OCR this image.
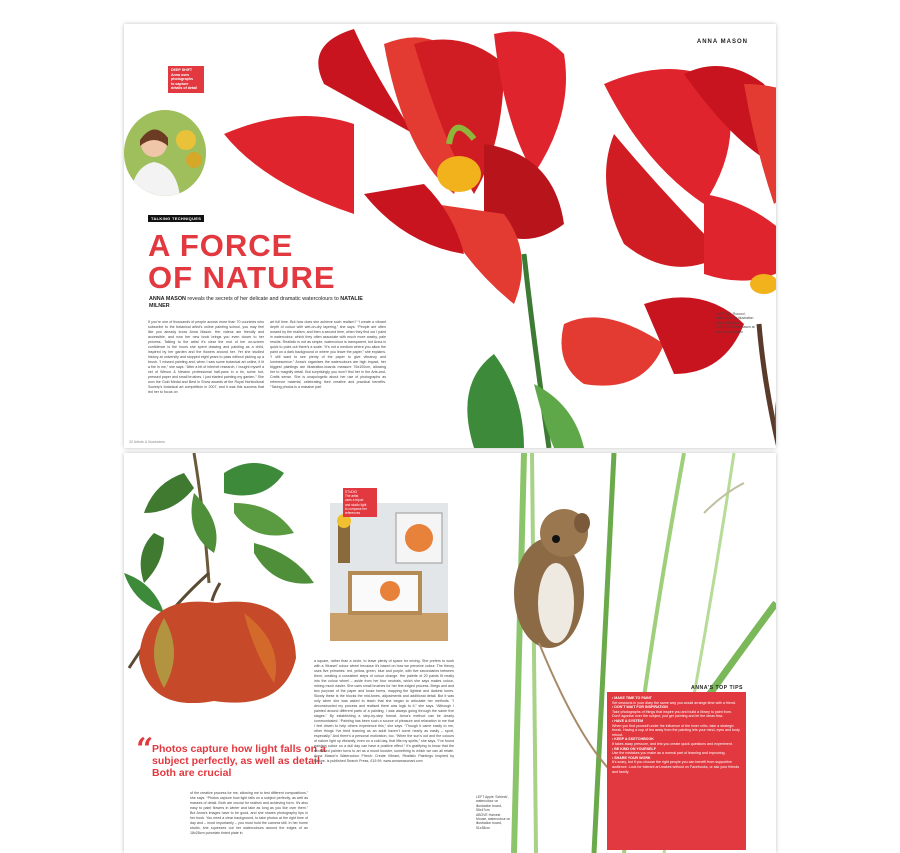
ANNA MASON
DEEP SHIFT
Anna uses
photographs
to capture
details of detail
TALKING TECHNIQUES
A FORCE
OF NATURE
ANNA MASON reveals the secrets of her delicate and dramatic watercolours to NATALIE MILNER
If you’re one of thousands of people across more than 70 countries who subscribe to the botanical artist’s online painting school, you may feel like you already know Anna Mason. Her videos are friendly and accessible, and now her new book brings you even closer to her process. Talking to the artist it’s clear the root of her on-screen confidence is the hours she spent drawing and painting as a child, inspired by her garden and the flowers around her. Yet she studied history at university and stopped eight years to pass without picking up a brush. “I missed painting and, when I saw some botanical art online, it lit a fire in me,” she says. “After a bit of internet research, I bought myself a set of Winsor & Newton professional half-pans in a tin, some hot-pressed paper and small brushes. I just started painting my garden.” She won the Gold Medal and Best in Show awards at the Royal Horticultural Society’s botanical art competition in 2007, and it was this success that led her to focus on
art full time. But how does she achieve such realism? “I create a vibrant depth of colour with wet-on-dry layering,” she says. “People are often wowed by the realism, and then a second time, when they find out I paint in watercolour, which they often associate with much more washy, pale results. Realistic is not as simple, watercolour is transparent, but Anna is quick to point out there’s a scale. “It’s not a medium where you allow the paint on a dark background or where you leave the paper,” she explains. “I still want to see plenty of the paper to give vibrancy and luminescence.” Anna’s organises the watercolours are high impact, her biggest paintings are illustration-boards measure 76x100cm, allowing her to magnify detail. But surprisingly you won’t find her in the Arts-and-Crafts sense. She is unapologetic about her use of photographs as reference material, celebrating their creative and practical benefits. “Taking photos is a massive part
LEFT Tulip ‘Rococo’, watercolour on illustration board, 51x55cm
TOP LEFT Anna Mason at work in her garden
32 Artists & Illustrators
STUDIO
The artist
uses a tripod
and studio light
to compose her
references
“
Photos capture how light falls on a subject perfectly, as well as detail. Both are crucial
of the creative process for me, allowing me to test different compositions,” she says. “Photos capture how light falls on a subject perfectly, as well as masses of detail. Both are crucial for realism and achieving form. It’s also easy to paint flowers in winter and take as long as you like over them.” But Anna’s images have to be good, and she shares photography tips in her book. You need a clear background, to take photos at the right time of day and – most importantly – you must hold the camera still. In her home studio, she squeezes out her watercolours around the edges of an 18x28cm porcelain tinted plate in
a square, rather than a circle, to leave plenty of space for mixing. She prefers to work with a ‘Mussel’ colour wheel because it’s based on how we perceive colour. The theory uses five primaries: red, yellow, green, blue and purple, with five secondaries between them, creating a consistent steps of colour change. Her palette of 20 paints fit neatly into the colour wheel – aside from her four neutrals, which she says makes colour-mixing much easier. She uses small brushes for her fine-edged process. Bregs and and two purpose of the paper and loose forms, mapping the lightest and darkest tones. Slowly these is the blocks the mid-tones, adjustments and additional detail. But it was only when she was asked to teach that she began to articulate her methods. “I deconstructed my process and realised there was logic to it,” she says. “Although I painted around different parts of a painting, I was always going through the same five stages.” By establishing a step-by-step format, Anna’s method can be clearly communicated. “Painting has been such a source of pleasure and relaxation to me that I feel driven to help others experience this,” she says. “Though it came easily to me, other things I’ve tried learning as an adult haven’t come nearly as easily – sport, especially.” And there’s a personal motivation, too. “When the sun’s out and the colours of nature light up vibrantly, even on a cold day, that lifts my spirits,” she says. “I’ve found painting colour on a dull day can have a positive effect.” It’s gratifying to know that the renowned painter turns to art as a mood booster, something to which we can all relate. Anna Mason’s Watercolour Ffresh: Create Vibrant, Realistic Paintings Inspired by Nature, is published Search Press, £19.99. www.annamasonart.com
LEFT Apple ‘Schleck’, watercolour on illustration board, 55x47cm
ABOVE Harvest Mouse, watercolour on illustration board, 51x38cm
ANNA’S TOP TIPS
• MAKE TIME TO PAINT
Set sessions in your diary the same way you would arrange time with a friend.
• DON’T WAIT FOR INSPIRATION
Take photographs of things that inspire you and build a library to paint from. Don’t agonise over the subject, just get painting and let the ideas flow.
• HAVE A SYSTEM
When you find yourself under the influence of the inner critic, take a strategic break. Having a cup of tea away from the painting lets your mind, eyes and body reboot.
• KEEP A SKETCHBOOK
It takes away pressure, and lets you create quick questions and experiment.
• BE KIND ON YOURSELF
Use the mistakes you make as a normal part of learning and improving.
• SHARE YOUR WORK
It’s scary, but if you choose the right people you can benefit from supportive audience. Look for tolerant art-makes without on Facebooks, or ask your friends and family.
